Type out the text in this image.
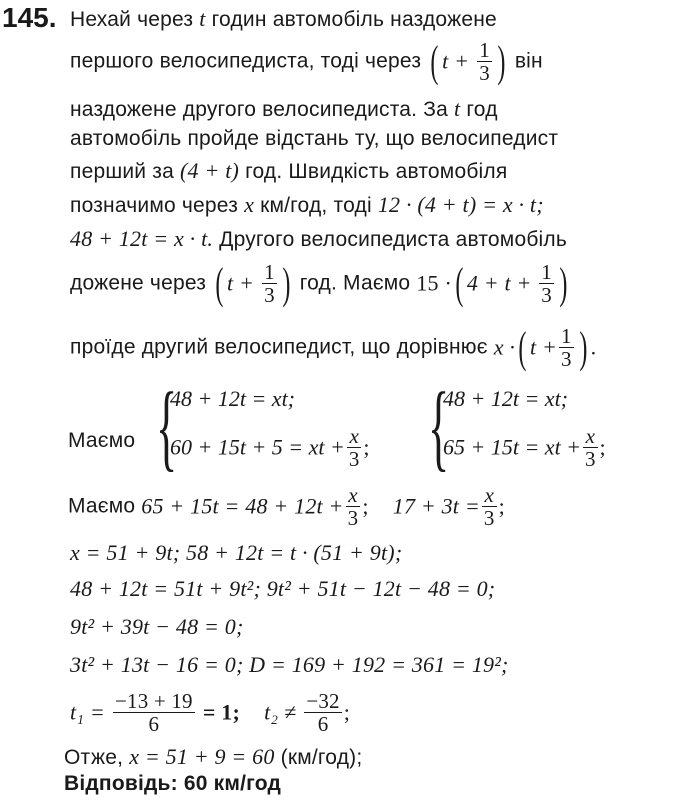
145. Нехай через t годин автомобіль наздожене
першого велосипедиста, тоді через ( $t + \frac{1}{3}$ ) він
наздожене другого велосипедиста. За t год
автомобіль пройде відстань ту, що велосипедист
перший за (4 + t) год. Швидкість автомобіля
позначимо через x км/год, тоді 12 · (4 + t) = x · t;
48 + 12t = x · t. Другого велосипедиста автомобіль
дожене через ( $t + \frac{1}{3}$ ) год. Маємо 15 ·( $4 + t + \frac{1}{3}$ )
проїде другий велосипедист, що дорівнює x ·( $t + \frac{1}{3}$ ) .
Маємо {
48 + 12t = xt;
60 + 15t + 5 = xt + $\frac{x}{3}$ ; {
48 + 12t = xt;
65 + 15t = xt + $\frac{x}{3}$ ;
Маємо $65 + 15t = 48 + 12t + \frac{x}{3}$ ; $17 + 3t = \frac{x}{3}$ ;
x = 51 + 9t; 58 + 12t = t · (51 + 9t);
48 + 12t = 51t + 9t²; 9t² + 51t − 12t − 48 = 0;
9t² + 39t − 48 = 0;
3t² + 13t − 16 = 0; D = 169 + 192 = 361 = 19²;
$t_1 = \frac{-13 + 19}{6} = 1$; $t_2 \ne \frac{-32}{6}$ ;
Отже, x = 51 + 9 = 60 (км/год);
Відповідь: 60 км/год
